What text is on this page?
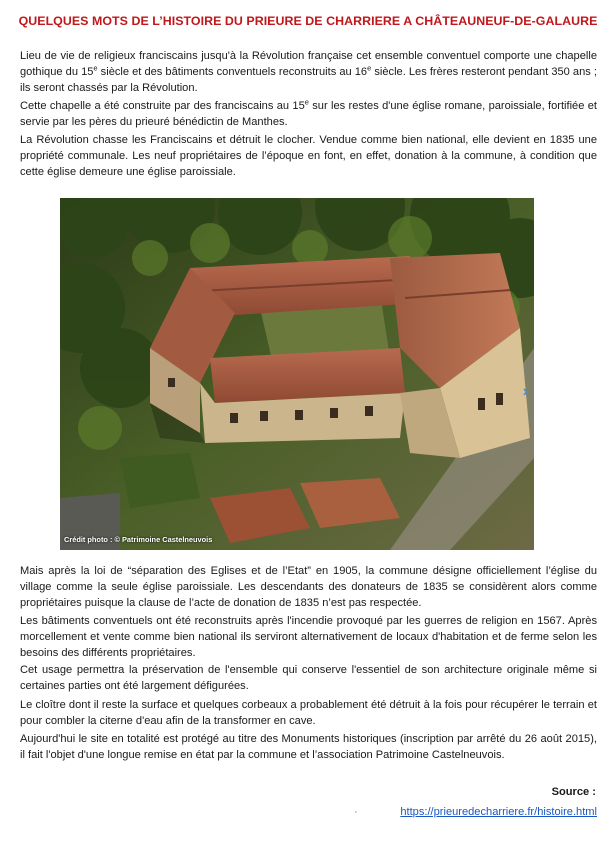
QUELQUES MOTS DE L’HISTOIRE DU PRIEURE DE CHARRIERE A CHÂTEAUNEUF-DE-GALAURE

Lieu de vie de religieux franciscains jusqu'à la Révolution française cet ensemble conventuel comporte une chapelle gothique du 15e siècle et des bâtiments conventuels reconstruits au 16e siècle. Les frères resteront pendant 350 ans ; ils seront chassés par la Révolution.

Cette chapelle a été construite par des franciscains au 15e sur les restes d'une église romane, paroissiale, fortifiée et servie par les pères du prieuré bénédictin de Manthes.

La Révolution chasse les Franciscains et détruit le clocher. Vendue comme bien national, elle devient en 1835 une propriété communale. Les neuf propriétaires de l’époque en font, en effet, donation à la commune, à condition que cette église demeure une église paroissiale.

›
Crédit photo : © Patrimoine Castelneuvois

Mais après la loi de “séparation des Eglises et de l’Etat” en 1905, la commune désigne officiellement l’église du village comme la seule église paroissiale. Les descendants des donateurs de 1835 se considèrent alors comme propriétaires puisque la clause de l’acte de donation de 1835 n’est pas respectée.

Les bâtiments conventuels ont été reconstruits après l'incendie provoqué par les guerres de religion en 1567. Après morcellement et vente comme bien national ils serviront alternativement de locaux d'habitation et de ferme selon les besoins des différents propriétaires.

Cet usage permettra la préservation de l'ensemble qui conserve l'essentiel de son architecture originale même si certaines parties ont été largement défigurées.

Le cloître dont il reste la surface et quelques corbeaux a probablement été détruit à la fois pour récupérer le terrain et pour combler la citerne d'eau afin de la transformer en cave.

Aujourd'hui le site en totalité est protégé au titre des Monuments historiques (inscription par arrêté du 26 août 2015), il fait l'objet d'une longue remise en état par la commune et l’association Patrimoine Castelneuvois.

Source :
·	https://prieuredecharriere.fr/histoire.html
